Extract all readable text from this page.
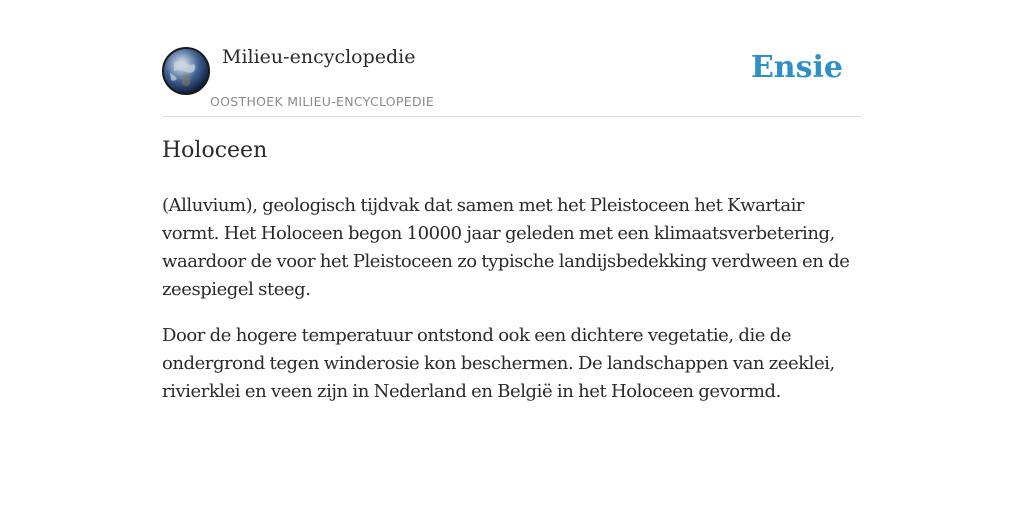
Milieu-encyclopedie
OOSTHOEK MILIEU-ENCYCLOPEDIE
Ensie
Holoceen

(Alluvium), geologisch tijdvak dat samen met het Pleistoceen het Kwartair vormt. Het Holoceen begon 10000 jaar geleden met een klimaatsverbetering, waardoor de voor het Pleistoceen zo typische landijsbedekking verdween en de zeespiegel steeg.

Door de hogere temperatuur ontstond ook een dichtere vegetatie, die de ondergrond tegen winderosie kon beschermen. De landschappen van zeeklei, rivierklei en veen zijn in Nederland en België in het Holoceen gevormd.
